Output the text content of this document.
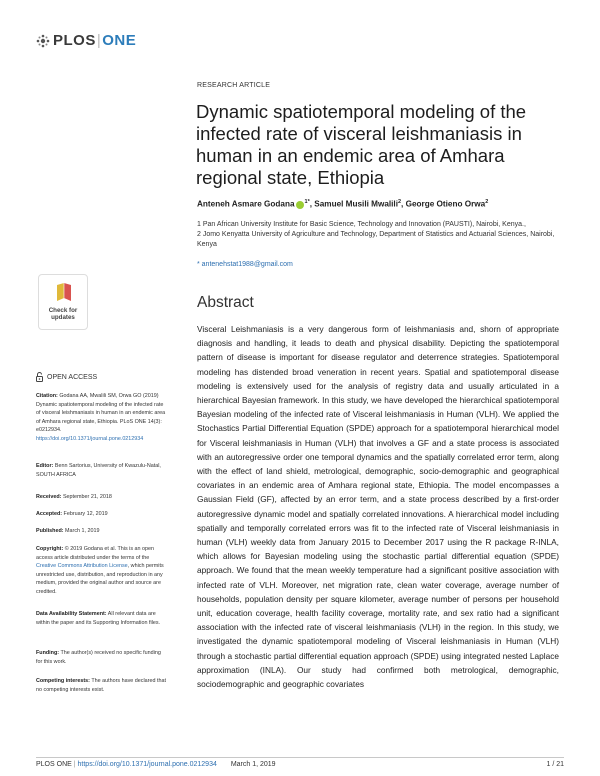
PLOS | ONE
RESEARCH ARTICLE
Dynamic spatiotemporal modeling of the infected rate of visceral leishmaniasis in human in an endemic area of Amhara regional state, Ethiopia
Anteneh Asmare Godana $^{1*}$, Samuel Musili Mwalili$^2$, George Otieno Orwa$^2$
1 Pan African University Institute for Basic Science, Technology and Innovation (PAUSTI), Nairobi, Kenya.,
2 Jomo Kenyatta University of Agriculture and Technology, Department of Statistics and Actuarial Sciences, Nairobi, Kenya
* antenehstat1988@gmail.com
Abstract

Visceral Leishmaniasis is a very dangerous form of leishmaniasis and, shorn of appropriate diagnosis and handling, it leads to death and physical disability. Depicting the spatiotemporal pattern of disease is important for disease regulator and deterrence strategies. Spatiotemporal modeling has distended broad veneration in recent years. Spatial and spatiotemporal disease modeling is extensively used for the analysis of registry data and usually articulated in a hierarchical Bayesian framework. In this study, we have developed the hierarchical spatiotemporal Bayesian modeling of the infected rate of Visceral leishmaniasis in Human (VLH). We applied the Stochastics Partial Differential Equation (SPDE) approach for a spatiotemporal hierarchical model for Visceral leishmaniasis in Human (VLH) that involves a GF and a state process is associated with an autoregressive order one temporal dynamics and the spatially correlated error term, along with the effect of land shield, metrological, demographic, socio-demographic and geographical covariates in an endemic area of Amhara regional state, Ethiopia. The model encompasses a Gaussian Field (GF), affected by an error term, and a state process described by a first-order autoregressive dynamic model and spatially correlated innovations. A hierarchical model including spatially and temporally correlated errors was fit to the infected rate of Visceral leishmaniasis in human (VLH) weekly data from January 2015 to December 2017 using the R package R-INLA, which allows for Bayesian modeling using the stochastic partial differential equation (SPDE) approach. We found that the mean weekly temperature had a significant positive association with infected rate of VLH. Moreover, net migration rate, clean water coverage, average number of households, population density per square kilometer, average number of persons per household unit, education coverage, health facility coverage, mortality rate, and sex ratio had a significant association with the infected rate of visceral leishmaniasis (VLH) in the region. In this study, we investigated the dynamic spatiotemporal modeling of Visceral leishmaniasis in Human (VLH) through a stochastic partial differential equation approach (SPDE) using integrated nested Laplace approximation (INLA). Our study had confirmed both metrological, demographic, sociodemographic and geographic covariates

Check for
updates
OPEN ACCESS
Citation: Godana AA, Mwalili SM, Orwa GO (2019) Dynamic spatiotemporal modeling of the infected rate of visceral leishmaniasis in human in an endemic area of Amhara regional state, Ethiopia. PLoS ONE 14(3): e0212934. https://doi.org/10.1371/journal.pone.0212934
Editor: Benn Sartorius, University of Kwazulu-Natal, SOUTH AFRICA
Received: September 21, 2018
Accepted: February 12, 2019
Published: March 1, 2019
Copyright: © 2019 Godana et al. This is an open access article distributed under the terms of the Creative Commons Attribution License, which permits unrestricted use, distribution, and reproduction in any medium, provided the original author and source are credited.
Data Availability Statement: All relevant data are within the paper and its Supporting Information files.
Funding: The author(s) received no specific funding for this work.
Competing interests: The authors have declared that no competing interests exist.
PLOS ONE | https://doi.org/10.1371/journal.pone.0212934 March 1, 2019	1 / 21
